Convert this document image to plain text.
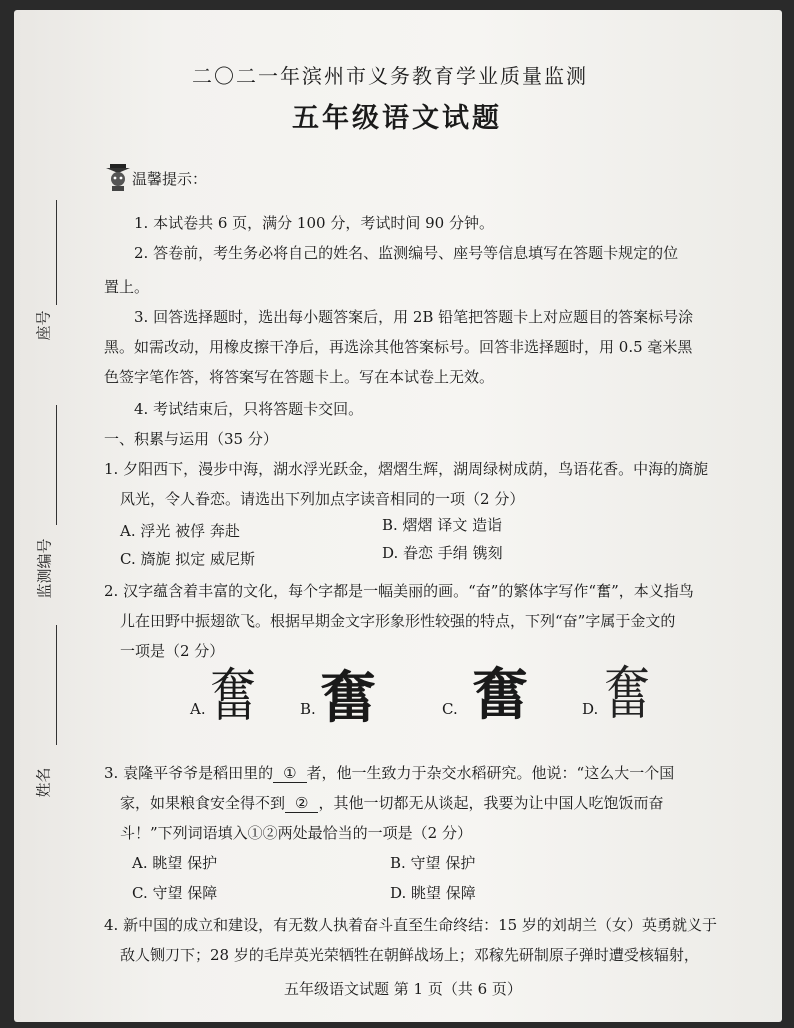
二〇二一年滨州市义务教育学业质量监测
五年级语文试题
座号
监测编号
姓名
温馨提示：
1. 本试卷共 6 页，满分 100 分，考试时间 90 分钟。
2. 答卷前，考生务必将自己的姓名、监测编号、座号等信息填写在答题卡规定的位
置上。
3. 回答选择题时，选出每小题答案后，用 2B 铅笔把答题卡上对应题目的答案标号涂
黑。如需改动，用橡皮擦干净后，再选涂其他答案标号。回答非选择题时，用 0.5 毫米黑
色签字笔作答，将答案写在答题卡上。写在本试卷上无效。
4. 考试结束后，只将答题卡交回。
一、积累与运用（35 分）
1. 夕阳西下，漫步中海，湖水浮光跃金，熠熠生辉，湖周绿树成荫，鸟语花香。中海的旖旎
风光，令人眷恋。请选出下列加点字读音相同的一项（2 分）
A. 浮光 被俘 奔赴	B. 熠熠 译文 造诣
C. 旖旎 拟定 威尼斯	D. 眷恋 手绢 镌刻
2. 汉字蕴含着丰富的文化，每个字都是一幅美丽的画。“奋”的繁体字写作“奮”，本义指鸟
儿在田野中振翅欲飞。根据早期金文字形象形性较强的特点，下列“奋”字属于金文的
一项是（2 分）
A. 奮	B. 奮	C. 奮	D. 奮
3. 袁隆平爷爷是稻田里的 ① 者，他一生致力于杂交水稻研究。他说：“这么大一个国
家，如果粮食安全得不到 ② ，其他一切都无从谈起，我要为让中国人吃饱饭而奋
斗！”下列词语填入①②两处最恰当的一项是（2 分）
A. 眺望 保护	B. 守望 保护
C. 守望 保障	D. 眺望 保障
4. 新中国的成立和建设，有无数人执着奋斗直至生命终结：15 岁的刘胡兰（女）英勇就义于
敌人铡刀下；28 岁的毛岸英光荣牺牲在朝鲜战场上；邓稼先研制原子弹时遭受核辐射，
五年级语文试题 第 1 页（共 6 页）
